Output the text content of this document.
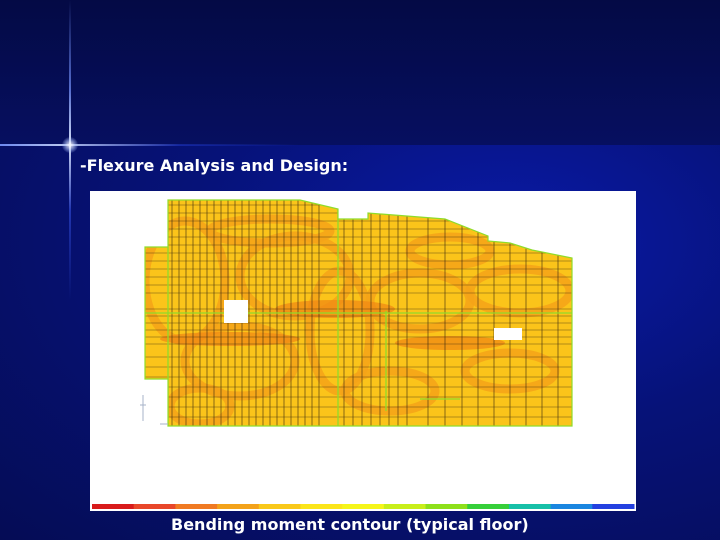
-Flexure Analysis and Design:
Bending moment contour (typical floor)
